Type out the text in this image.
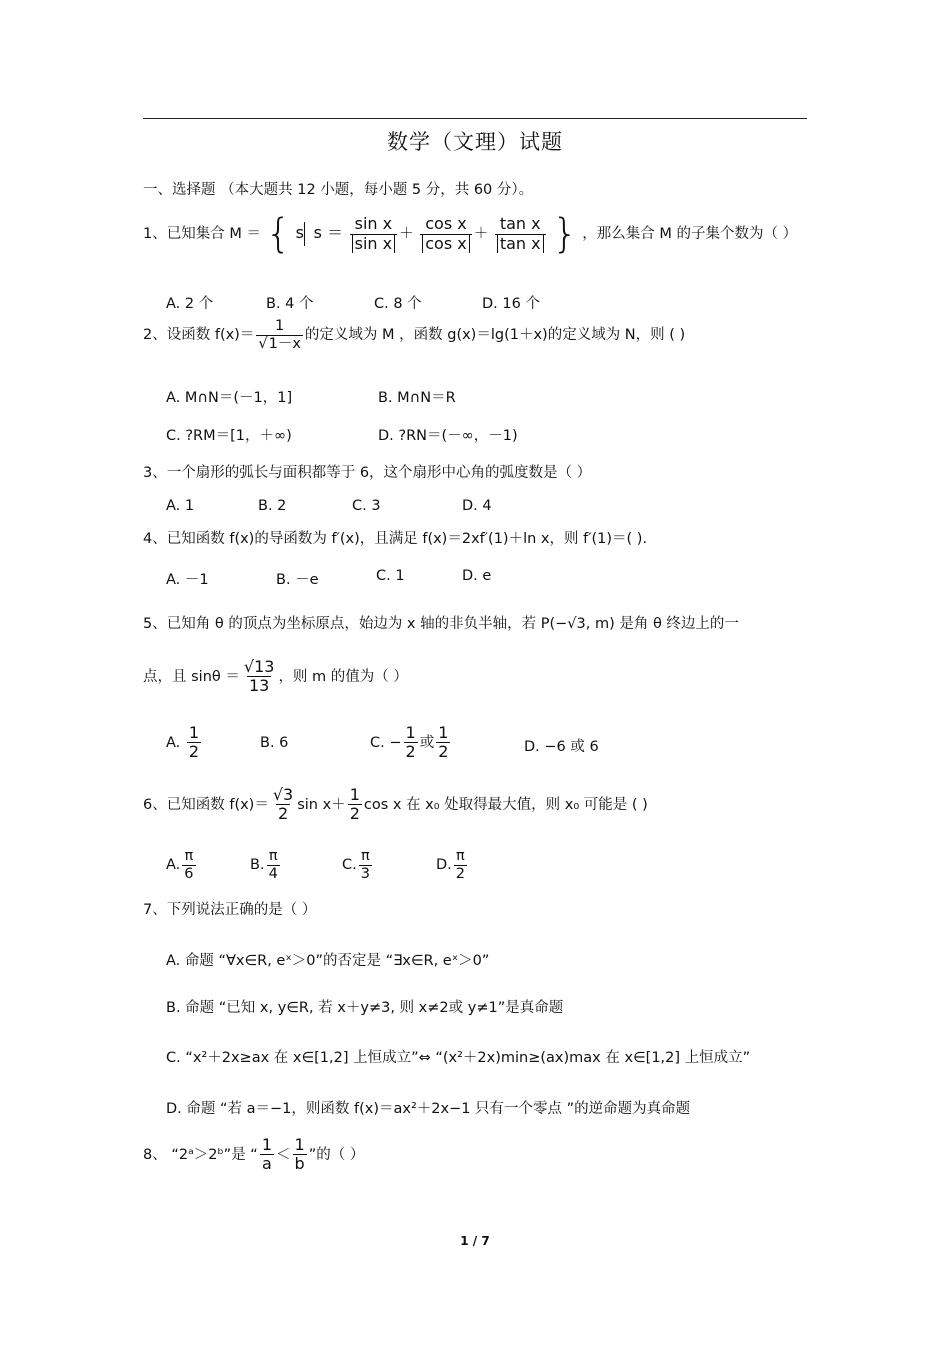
数学（文理）试题
一、选择题 （本大题共 12 小题，每小题 5 分，共 60 分）。
1、已知集合 M ＝ { s $s = \frac{\text{sin x}}{\text{sin x}} + \frac{\text{cos x}}{\text{cos x}} + \frac{\text{tan x}}{\text{tan x}}$ } ，那么集合 M 的子集个数为（ ）
A. 2 个	B. 4 个	C. 8 个	D. 16 个
2、设函数 $f(x)= \frac{1}{√1-x}$ 的定义域为 M ，函数 g(x)＝lg(1＋x)的定义域为 N，则 ( )
A. M∩N＝(－1，1]	B. M∩N＝R
C. ?RM＝[1，＋∞)	D. ?RN＝(－∞，－1)
3、一个扇形的弧长与面积都等于 6，这个扇形中心角的弧度数是（ ）
A. 1	B. 2	C. 3	D. 4
4、已知函数 f(x)的导函数为 f′(x)，且满足 f(x)＝2xf′(1)＋ln x，则 f′(1)＝( ).
A. －1	B. －e	C. 1	D. e
5、已知角 θ 的顶点为坐标原点，始边为 x 轴的非负半轴，若 P(−√3, m) 是角 θ 终边上的一
点，且 $\sin\theta = \frac{√13}{13}$ ，则 m 的值为（ ）
A. $\frac{1}{2}$	B. 6	C. − $\frac{1}{2}$ 或 $\frac{1}{2}$	D. −6 或 6
6、已知函数 $f(x)= \frac{√3}{2}$ $\sin x+ \frac{1}{2}$ cos x 在 x₀ 处取得最大值，则 x₀ 可能是 ( )
A. $\frac{\pi}{6}$	B. $\frac{\pi}{4}$	C. $\frac{\pi}{3}$	D. $\frac{\pi}{2}$
7、下列说法正确的是（ ）
A. 命题 “∀x∈R, eˣ＞0”的否定是 “∃x∈R, eˣ＞0”
B. 命题 “已知 x, y∈R, 若 x＋y≠3, 则 x≠2或 y≠1”是真命题
C. “x²＋2x≥ax 在 x∈[1,2] 上恒成立”⇔ “(x²＋2x)min≥(ax)max 在 x∈[1,2] 上恒成立”
D. 命题 “若 a＝−1，则函数 f(x)＝ax²＋2x−1 只有一个零点 ”的逆命题为真命题
8、 “2ᵃ＞2ᵇ”是 “ $\frac{1}{a} < \frac{1}{b}$ ”的（ ）
1 / 7
